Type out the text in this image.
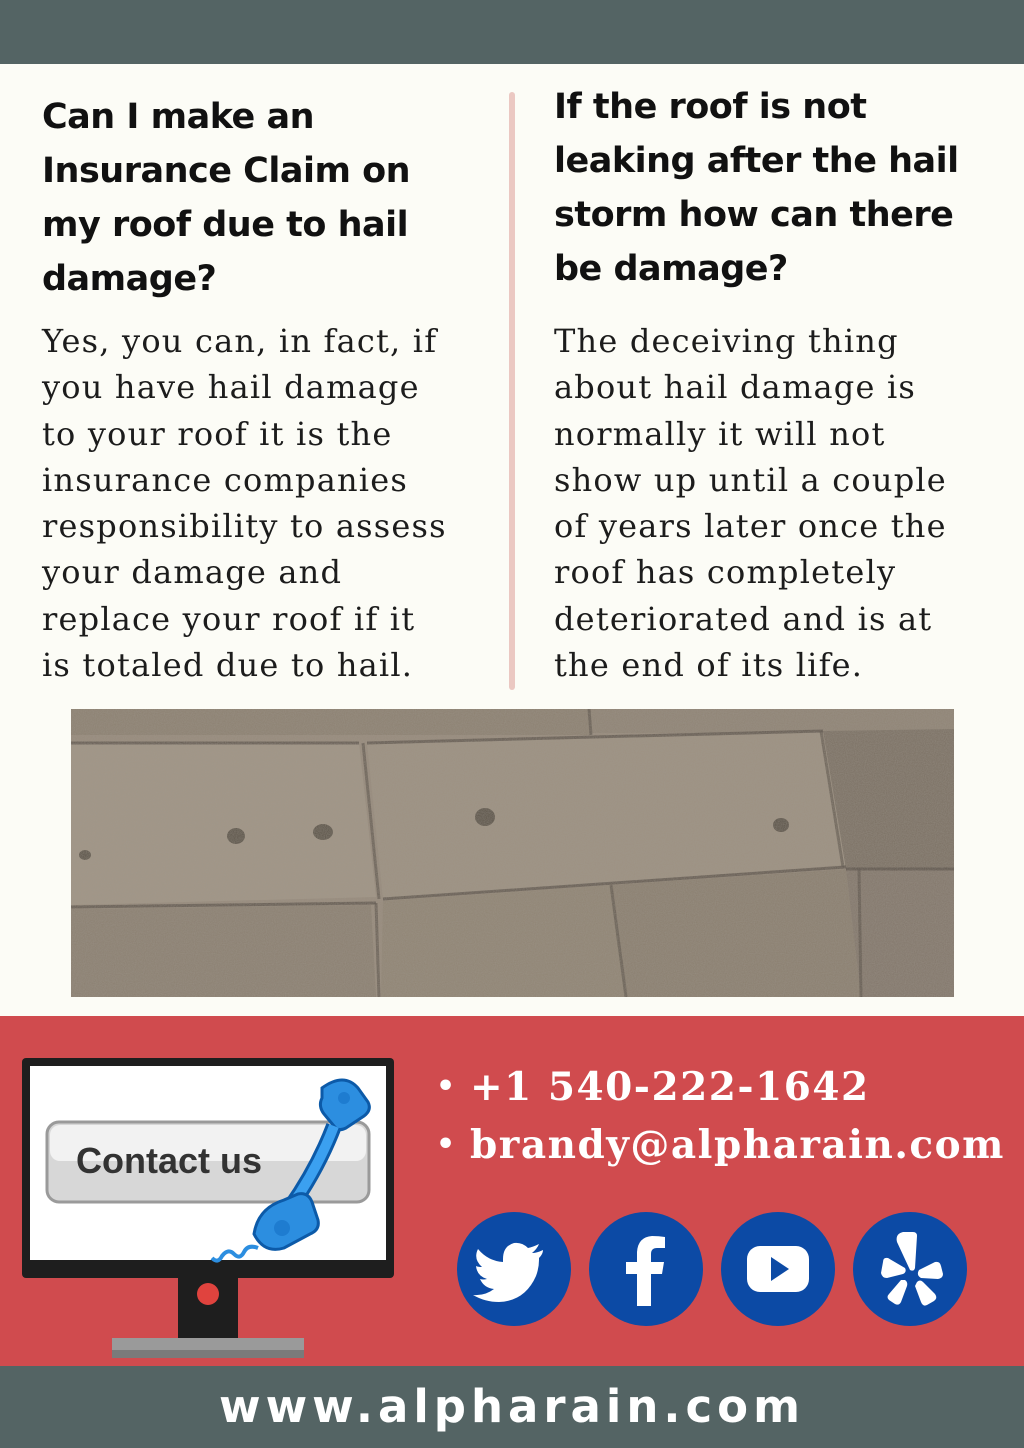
Can I make an
Insurance Claim on
my roof due to hail
damage?

Yes, you can, in fact, if
you have hail damage
to your roof it is the
insurance companies
responsibility to assess
your damage and
replace your roof if it
is totaled due to hail.

If the roof is not
leaking after the hail
storm how can there
be damage?

The deceiving thing
about hail damage is
normally it will not
show up until a couple
of years later once the
roof has completely
deteriorated and is at
the end of its life.

Contact us
• +1 540-222-1642
• brandy@alpharain.com
www.alpharain.com
